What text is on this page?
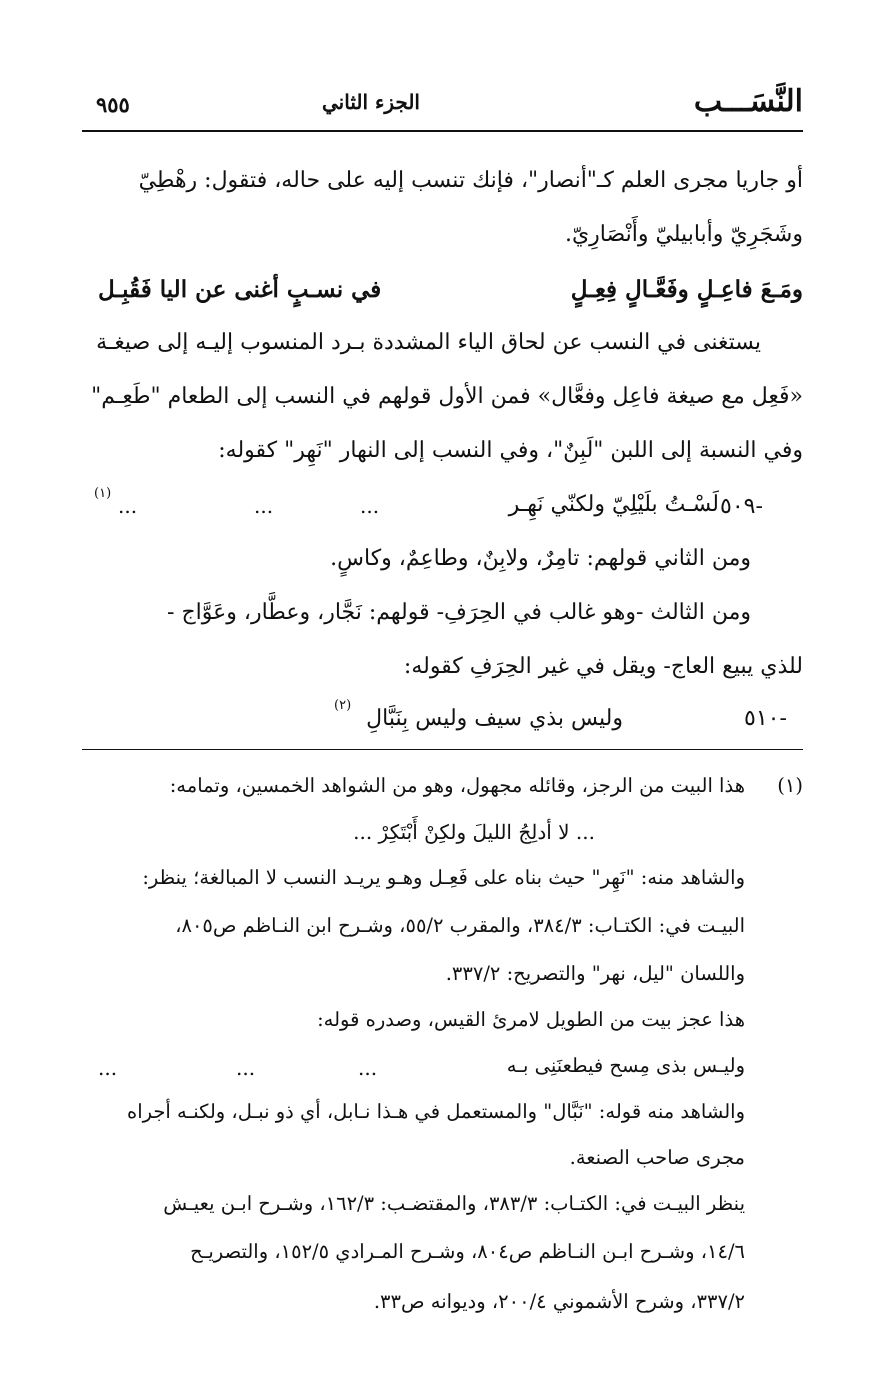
النَّسَـــب
الجزء الثاني
٩٥٥
أو جاريا مجرى العلم كـ"أنصار"، فإنك تنسب إليه على حاله، فتقول: رهْطِيّ
وشَجَرِيّ وأبابيليّ وأَنْصَارِيّ.
ومَـعَ فاعِـلٍ وفَعَّـالٍ فِعِـلٍ
في نسـبٍ أغنى عن اليا فَقُبِـل
يستغنى في النسب عن لحاق الياء المشددة بـرد المنسوب إليـه إلى صيغـة
«فَعِل مع صيغة فاعِل وفعَّال» فمن الأول قولهم في النسب إلى الطعام "طَعِـم"
وفي النسبة إلى اللبن "لَبِنٌ"، وفي النسب إلى النهار "نَهِر" كقوله:
٥٠٩-
لَسْـتُ بلَيْلِيّ ولكنّي نَهِـر
...
...
...
(١)
ومن الثاني قولهم: تامِرٌ، ولابِنٌ، وطاعِمٌ، وكاسٍ.
ومن الثالث -وهو غالب في الحِرَفِ- قولهم: نَجَّار، وعطَّار، وعَوَّاج -
للذي يبيع العاج- ويقل في غير الحِرَفِ كقوله:
٥١٠-
وليس بذي سيف وليس بِنَبَّالِ
(٢)
(١)
هذا البيت من الرجز، وقائله مجهول، وهو من الشواهد الخمسين، وتمامه:
... لا أدلِجُ الليلَ ولكِنْ أَبْتَكِرْ ...
والشاهد منه: "نَهِر" حيث بناه على فَعِـل وهـو يريـد النسب لا المبالغة؛ ينظر:
البيـت في: الكتـاب: ٣٨٤/٣، والمقرب ٥٥/٢، وشـرح ابن النـاظم ص٨٠٥،
واللسان "ليل، نهر" والتصريح: ٣٣٧/٢.
هذا عجز بيت من الطويل لامرئ القيس، وصدره قوله:
وليـس بذى مِسح فيطعنَنِى بـه
...
...
...
والشاهد منه قوله: "نَبَّال" والمستعمل في هـذا نـابل، أي ذو نبـل، ولكنـه أجراه
مجرى صاحب الصنعة.
ينظر البيـت في: الكتـاب: ٣٨٣/٣، والمقتضـب: ١٦٢/٣، وشـرح ابـن يعيـش
١٤/٦، وشـرح ابـن النـاظم ص٨٠٤، وشـرح المـرادي ١٥٢/٥، والتصريـح
٣٣٧/٢، وشرح الأشموني ٢٠٠/٤، وديوانه ص٣٣.
